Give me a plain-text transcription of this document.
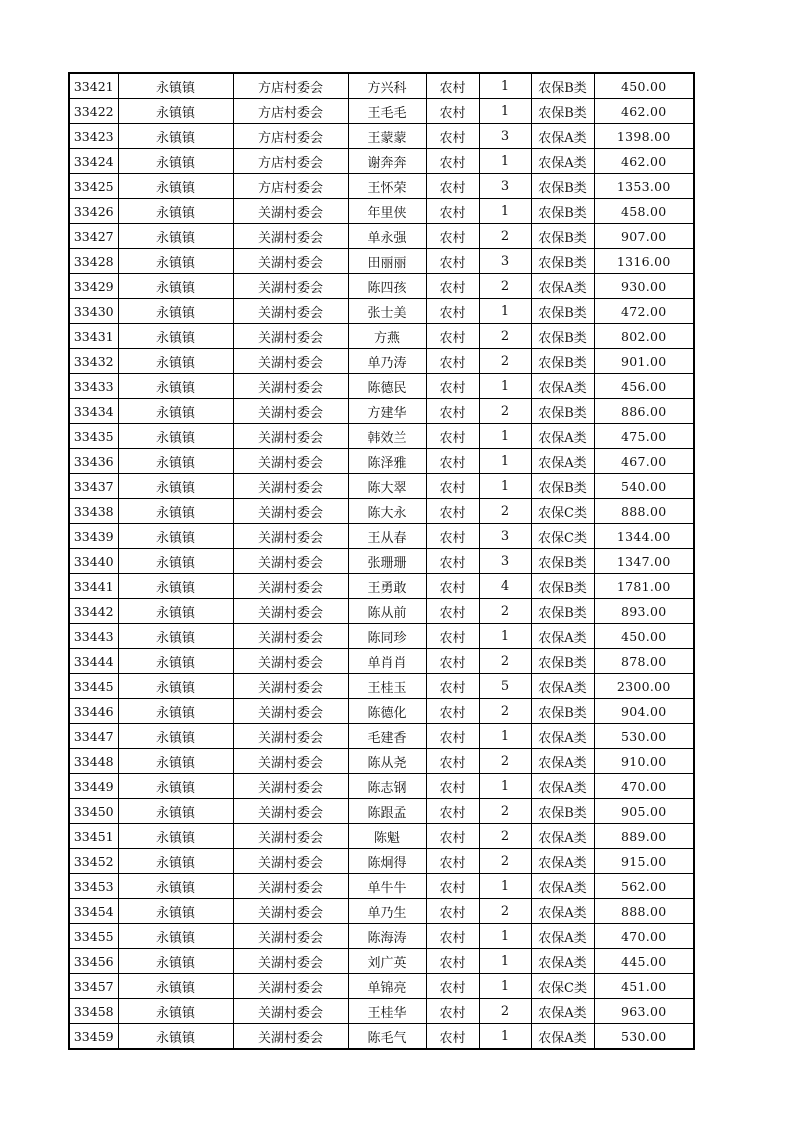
33421	永镇镇	方店村委会	方兴科	农村	1	农保B类	450.00
33422	永镇镇	方店村委会	王毛毛	农村	1	农保B类	462.00
33423	永镇镇	方店村委会	王蒙蒙	农村	3	农保A类	1398.00
33424	永镇镇	方店村委会	谢奔奔	农村	1	农保A类	462.00
33425	永镇镇	方店村委会	王怀荣	农村	3	农保B类	1353.00
33426	永镇镇	关湖村委会	年里侠	农村	1	农保B类	458.00
33427	永镇镇	关湖村委会	单永强	农村	2	农保B类	907.00
33428	永镇镇	关湖村委会	田丽丽	农村	3	农保B类	1316.00
33429	永镇镇	关湖村委会	陈四孩	农村	2	农保A类	930.00
33430	永镇镇	关湖村委会	张士美	农村	1	农保B类	472.00
33431	永镇镇	关湖村委会	方燕	农村	2	农保B类	802.00
33432	永镇镇	关湖村委会	单乃涛	农村	2	农保B类	901.00
33433	永镇镇	关湖村委会	陈德民	农村	1	农保A类	456.00
33434	永镇镇	关湖村委会	方建华	农村	2	农保B类	886.00
33435	永镇镇	关湖村委会	韩效兰	农村	1	农保A类	475.00
33436	永镇镇	关湖村委会	陈泽雅	农村	1	农保A类	467.00
33437	永镇镇	关湖村委会	陈大翠	农村	1	农保B类	540.00
33438	永镇镇	关湖村委会	陈大永	农村	2	农保C类	888.00
33439	永镇镇	关湖村委会	王从春	农村	3	农保C类	1344.00
33440	永镇镇	关湖村委会	张珊珊	农村	3	农保B类	1347.00
33441	永镇镇	关湖村委会	王勇敢	农村	4	农保B类	1781.00
33442	永镇镇	关湖村委会	陈从前	农村	2	农保B类	893.00
33443	永镇镇	关湖村委会	陈同珍	农村	1	农保A类	450.00
33444	永镇镇	关湖村委会	单肖肖	农村	2	农保B类	878.00
33445	永镇镇	关湖村委会	王桂玉	农村	5	农保A类	2300.00
33446	永镇镇	关湖村委会	陈德化	农村	2	农保B类	904.00
33447	永镇镇	关湖村委会	毛建香	农村	1	农保A类	530.00
33448	永镇镇	关湖村委会	陈从尧	农村	2	农保A类	910.00
33449	永镇镇	关湖村委会	陈志钢	农村	1	农保A类	470.00
33450	永镇镇	关湖村委会	陈跟孟	农村	2	农保B类	905.00
33451	永镇镇	关湖村委会	陈魁	农村	2	农保A类	889.00
33452	永镇镇	关湖村委会	陈炯得	农村	2	农保A类	915.00
33453	永镇镇	关湖村委会	单牛牛	农村	1	农保A类	562.00
33454	永镇镇	关湖村委会	单乃生	农村	2	农保A类	888.00
33455	永镇镇	关湖村委会	陈海涛	农村	1	农保A类	470.00
33456	永镇镇	关湖村委会	刘广英	农村	1	农保A类	445.00
33457	永镇镇	关湖村委会	单锦亮	农村	1	农保C类	451.00
33458	永镇镇	关湖村委会	王桂华	农村	2	农保A类	963.00
33459	永镇镇	关湖村委会	陈毛气	农村	1	农保A类	530.00
